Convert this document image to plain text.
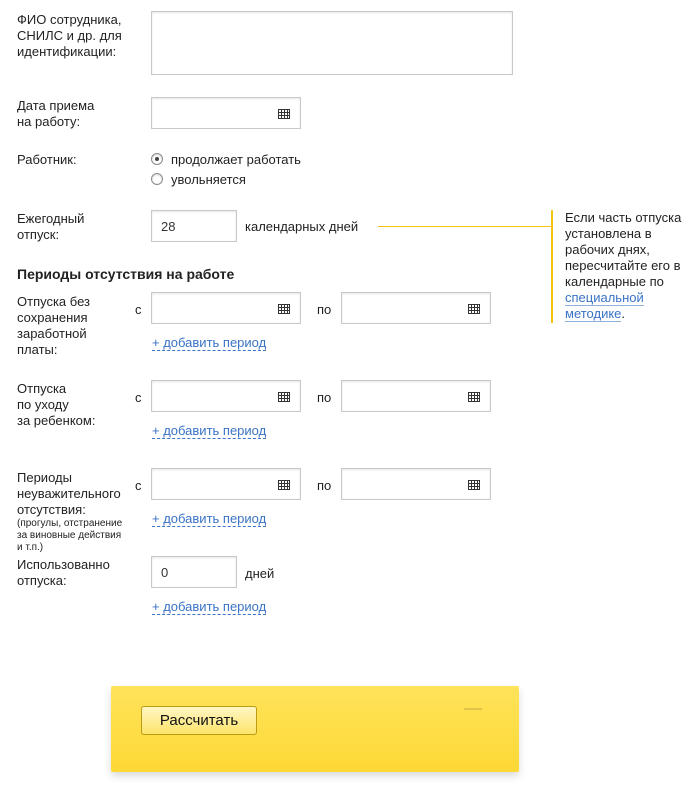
ФИО сотрудника, СНИЛС и др. для идентификации:
Дата приема
на работу:
Работник:	продолжает работать
увольняется
Ежегодный
отпуск:
28	календарных дней
Если часть отпуска установлена в рабочих днях, пересчитайте его в календарные по специальной методике.
Периоды отсутствия на работе
Отпуска без
сохранения
заработной
платы:
с	по
+ добавить период
Отпуска
по уходу
за ребенком:
с	по
+ добавить период
Периоды
неуважительного
отсутствия:
(прогулы, отстранение
за виновные действия
и т.п.)
с	по
+ добавить период
Использованно
отпуска:
0	дней
+ добавить период
Рассчитать
